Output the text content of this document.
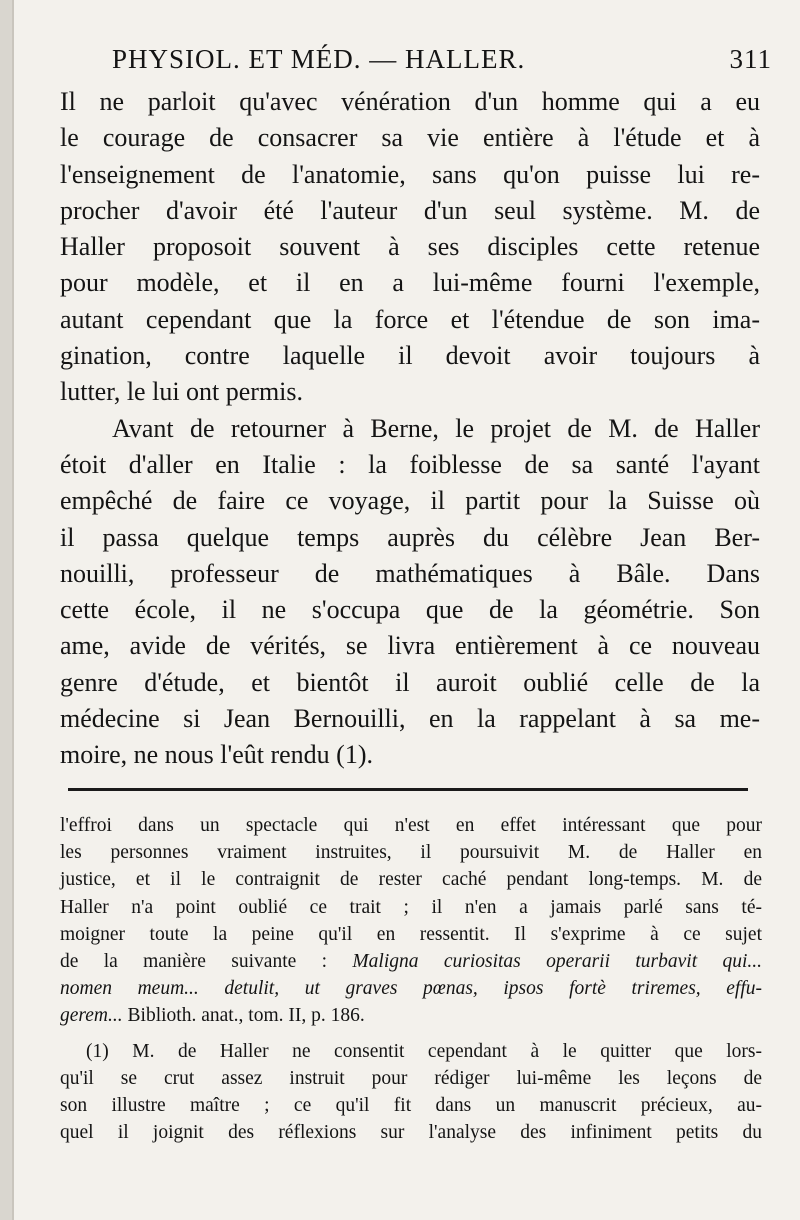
PHYSIOL. ET MÉD. — HALLER.	311
Il ne parloit qu'avec vénération d'un homme qui a eu
le courage de consacrer sa vie entière à l'étude et à
l'enseignement de l'anatomie, sans qu'on puisse lui re-
procher d'avoir été l'auteur d'un seul système. M. de
Haller proposoit souvent à ses disciples cette retenue
pour modèle, et il en a lui-même fourni l'exemple,
autant cependant que la force et l'étendue de son ima-
gination, contre laquelle il devoit avoir toujours à
lutter, le lui ont permis.
Avant de retourner à Berne, le projet de M. de Haller
étoit d'aller en Italie : la foiblesse de sa santé l'ayant
empêché de faire ce voyage, il partit pour la Suisse où
il passa quelque temps auprès du célèbre Jean Ber-
nouilli, professeur de mathématiques à Bâle. Dans
cette école, il ne s'occupa que de la géométrie. Son
ame, avide de vérités, se livra entièrement à ce nouveau
genre d'étude, et bientôt il auroit oublié celle de la
médecine si Jean Bernouilli, en la rappelant à sa me-
moire, ne nous l'eût rendu (1).
l'effroi dans un spectacle qui n'est en effet intéressant que pour
les personnes vraiment instruites, il poursuivit M. de Haller en
justice, et il le contraignit de rester caché pendant long-temps. M. de
Haller n'a point oublié ce trait ; il n'en a jamais parlé sans té-
moigner toute la peine qu'il en ressentit. Il s'exprime à ce sujet
de la manière suivante : Maligna curiositas operarii turbavit qui...
nomen meum... detulit, ut graves pœnas, ipsos fortè triremes, effu-
gerem... Biblioth. anat., tom. II, p. 186.
(1) M. de Haller ne consentit cependant à le quitter que lors-
qu'il se crut assez instruit pour rédiger lui-même les leçons de
son illustre maître ; ce qu'il fit dans un manuscrit précieux, au-
quel il joignit des réflexions sur l'analyse des infiniment petits du
